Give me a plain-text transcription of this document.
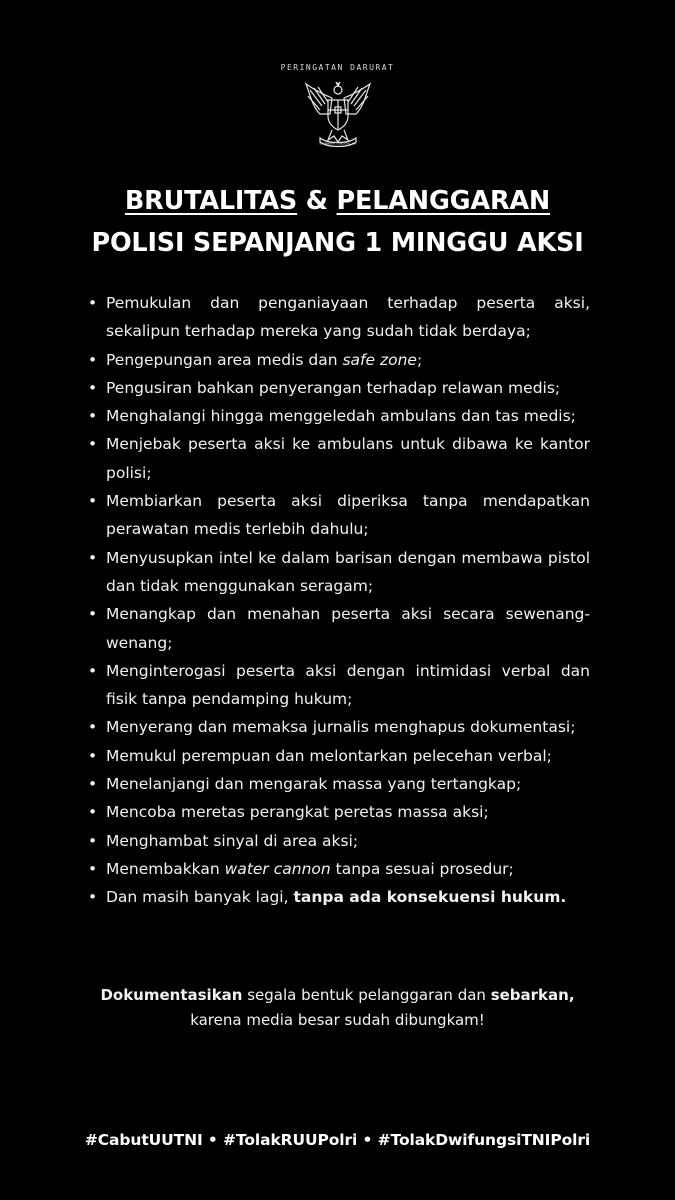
PERINGATAN DARURAT
BHINNEKA TUNGGAL IKA
BRUTALITAS & PELANGGARAN
POLISI SEPANJANG 1 MINGGU AKSI
• Pemukulan dan penganiayaan terhadap peserta aksi, sekalipun terhadap mereka yang sudah tidak berdaya;
• Pengepungan area medis dan safe zone;
• Pengusiran bahkan penyerangan terhadap relawan medis;
• Menghalangi hingga menggeledah ambulans dan tas medis;
• Menjebak peserta aksi ke ambulans untuk dibawa ke kantor polisi;
• Membiarkan peserta aksi diperiksa tanpa mendapatkan perawatan medis terlebih dahulu;
• Menyusupkan intel ke dalam barisan dengan membawa pistol dan tidak menggunakan seragam;
• Menangkap dan menahan peserta aksi secara sewenang-wenang;
• Menginterogasi peserta aksi dengan intimidasi verbal dan fisik tanpa pendamping hukum;
• Menyerang dan memaksa jurnalis menghapus dokumentasi;
• Memukul perempuan dan melontarkan pelecehan verbal;
• Menelanjangi dan mengarak massa yang tertangkap;
• Mencoba meretas perangkat peretas massa aksi;
• Menghambat sinyal di area aksi;
• Menembakkan water cannon tanpa sesuai prosedur;
• Dan masih banyak lagi, tanpa ada konsekuensi hukum.
Dokumentasikan segala bentuk pelanggaran dan sebarkan,
karena media besar sudah dibungkam!
#CabutUUTNI • #TolakRUUPolri • #TolakDwifungsiTNIPolri
